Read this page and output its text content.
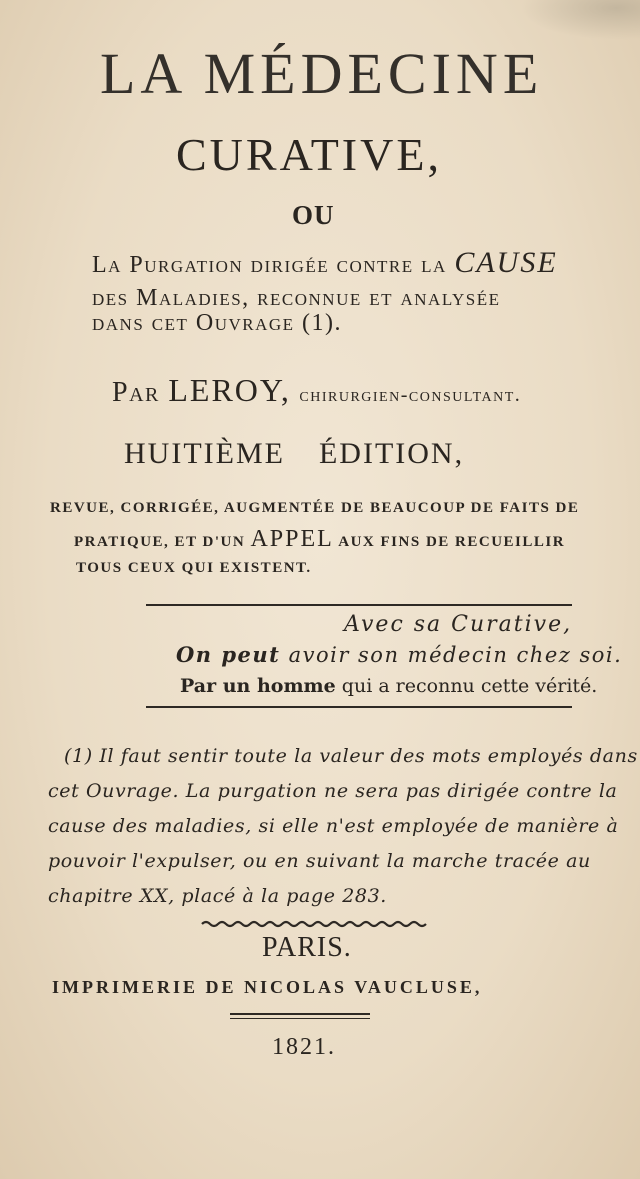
LA MÉDECINE
CURATIVE,
OU
La Purgation dirigée contre la CAUSE
des Maladies, reconnue et analysée
dans cet Ouvrage (1).
Par LEROY, chirurgien-consultant.
HUITIÈME ÉDITION,
REVUE, CORRIGÉE, AUGMENTÉE DE BEAUCOUP DE FAITS DE
PRATIQUE, ET D'UN APPEL AUX FINS DE RECUEILLIR
TOUS CEUX QUI EXISTENT.
Avec sa Curative,
On peut avoir son médecin chez soi.
Par un homme qui a reconnu cette vérité.
(1) Il faut sentir toute la valeur des mots employés dans
cet Ouvrage. La purgation ne sera pas dirigée contre la
cause des maladies, si elle n'est employée de manière à
pouvoir l'expulser, ou en suivant la marche tracée au
chapitre XX, placé à la page 283.
PARIS.
IMPRIMERIE DE NICOLAS VAUCLUSE,
1821.
